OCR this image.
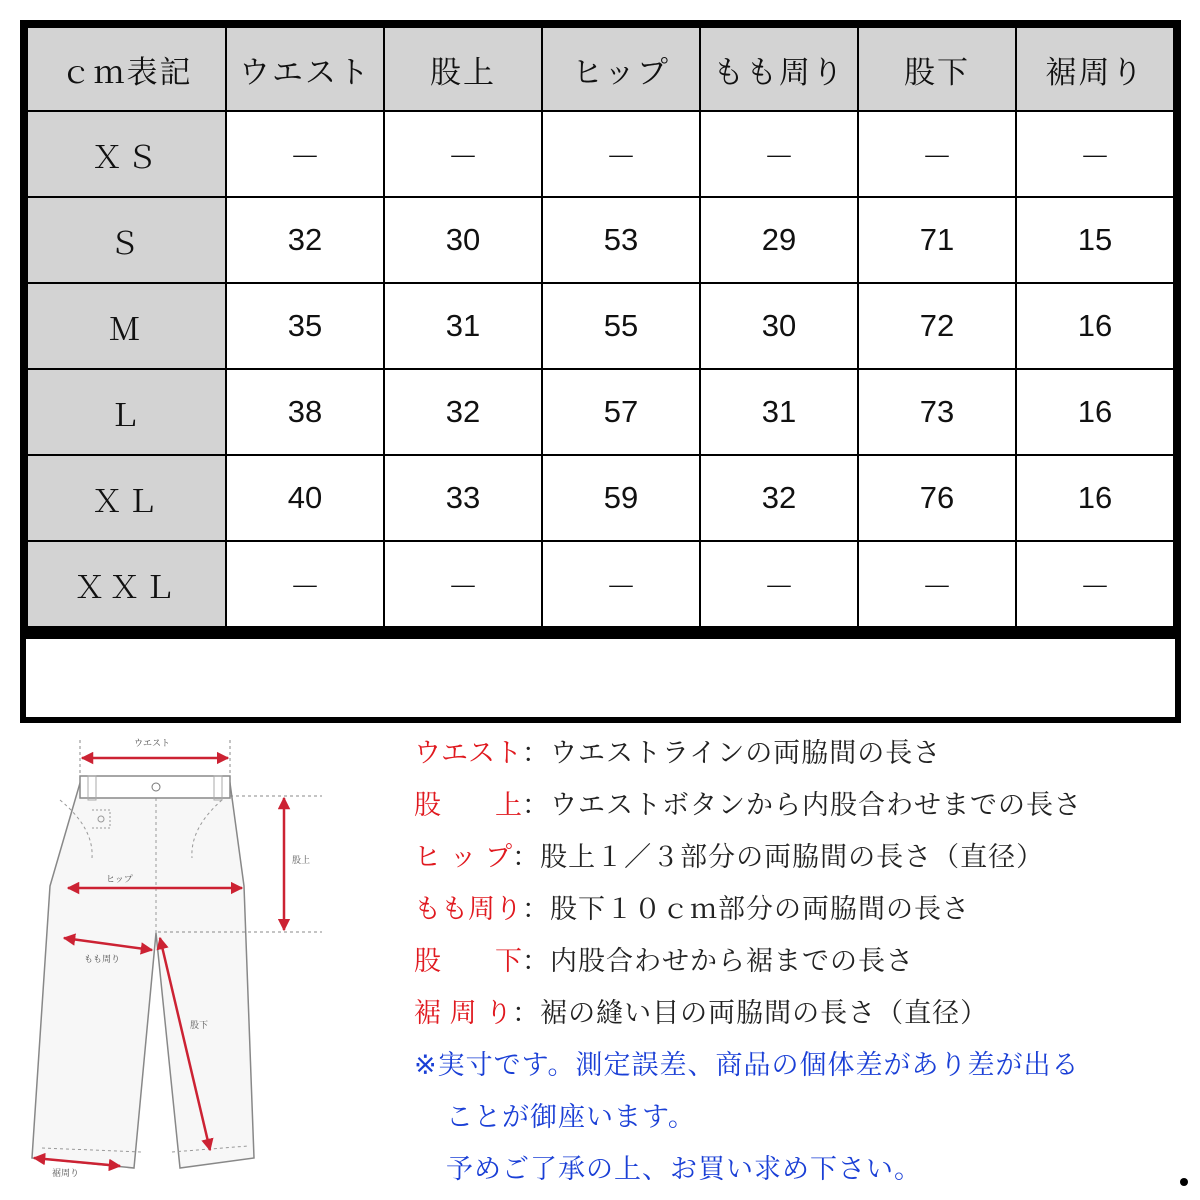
ｃｍ表記	ウエスト	股上	ヒップ	もも周り	股下	裾周り
ＸＳ	－	－	－	－	－	－
Ｓ	32	30	53	29	71	15
Ｍ	35	31	55	30	72	16
Ｌ	38	32	57	31	73	16
ＸＬ	40	33	59	32	76	16
ＸＸＬ	－	－	－	－	－	－
ウエスト
股上
ヒップ
もも周り
股下
裾周り
ウエスト：ウエストラインの両脇間の長さ
股　　上：ウエストボタンから内股合わせまでの長さ
ヒ ッ プ：股上１／３部分の両脇間の長さ（直径）
もも周り：股下１０ｃｍ部分の両脇間の長さ
股　　下：内股合わせから裾までの長さ
裾 周 り：裾の縫い目の両脇間の長さ（直径）
※実寸です。測定誤差、商品の個体差があり差が出る
ことが御座います。
予めご了承の上、お買い求め下さい。
